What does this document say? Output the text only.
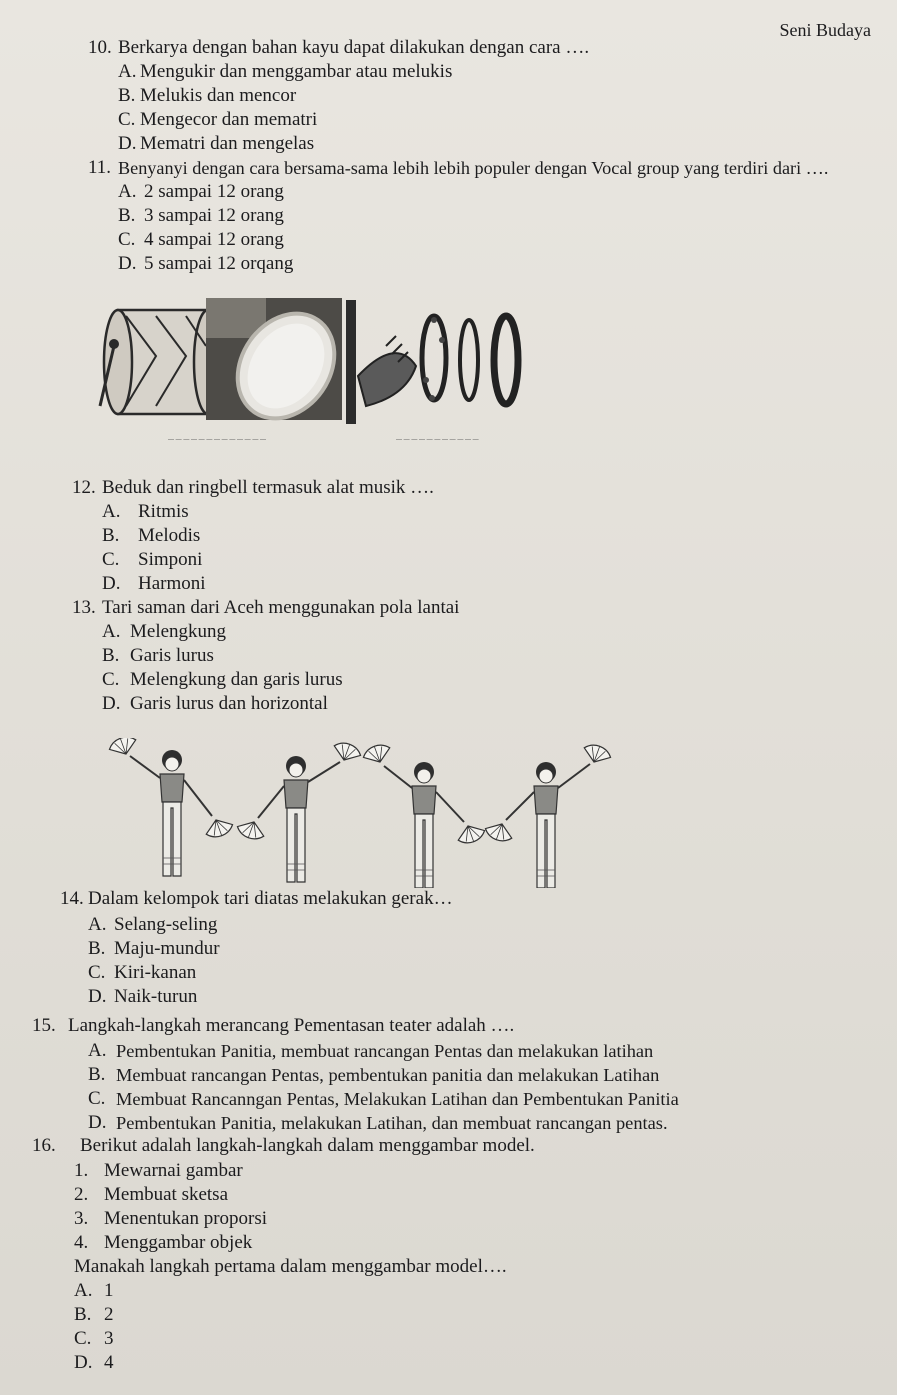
Seni Budaya
10. Berkarya dengan bahan kayu dapat dilakukan dengan cara ….
A. Mengukir dan menggambar atau melukis
B. Melukis dan mencor
C. Mengecor dan mematri
D. Mematri dan mengelas
11. Benyanyi dengan cara bersama-sama lebih lebih populer dengan Vocal group yang terdiri dari ….
A. 2 sampai 12 orang
B. 3 sampai 12 orang
C. 4 sampai 12 orang
D. 5 sampai 12 orqang
— — — — — — — — — — — — —	— — — — — — — — — — —
12. Beduk dan ringbell termasuk alat musik ….
A. Ritmis
B. Melodis
C. Simponi
D. Harmoni
13. Tari saman dari Aceh menggunakan pola lantai
A. Melengkung
B. Garis lurus
C. Melengkung dan garis lurus
D. Garis lurus dan horizontal
14. Dalam kelompok tari diatas melakukan gerak…
A. Selang-seling
B. Maju-mundur
C. Kiri-kanan
D. Naik-turun
15. Langkah-langkah merancang Pementasan teater adalah ….
A. Pembentukan Panitia, membuat rancangan Pentas dan melakukan latihan
B. Membuat rancangan Pentas, pembentukan panitia dan melakukan Latihan
C. Membuat Rancanngan Pentas, Melakukan Latihan dan Pembentukan Panitia
D. Pembentukan Panitia, melakukan Latihan, dan membuat rancangan pentas.
16. Berikut adalah langkah-langkah dalam menggambar model.
1. Mewarnai gambar
2. Membuat sketsa
3. Menentukan proporsi
4. Menggambar objek
Manakah langkah pertama dalam menggambar model….
A. 1
B. 2
C. 3
D. 4
